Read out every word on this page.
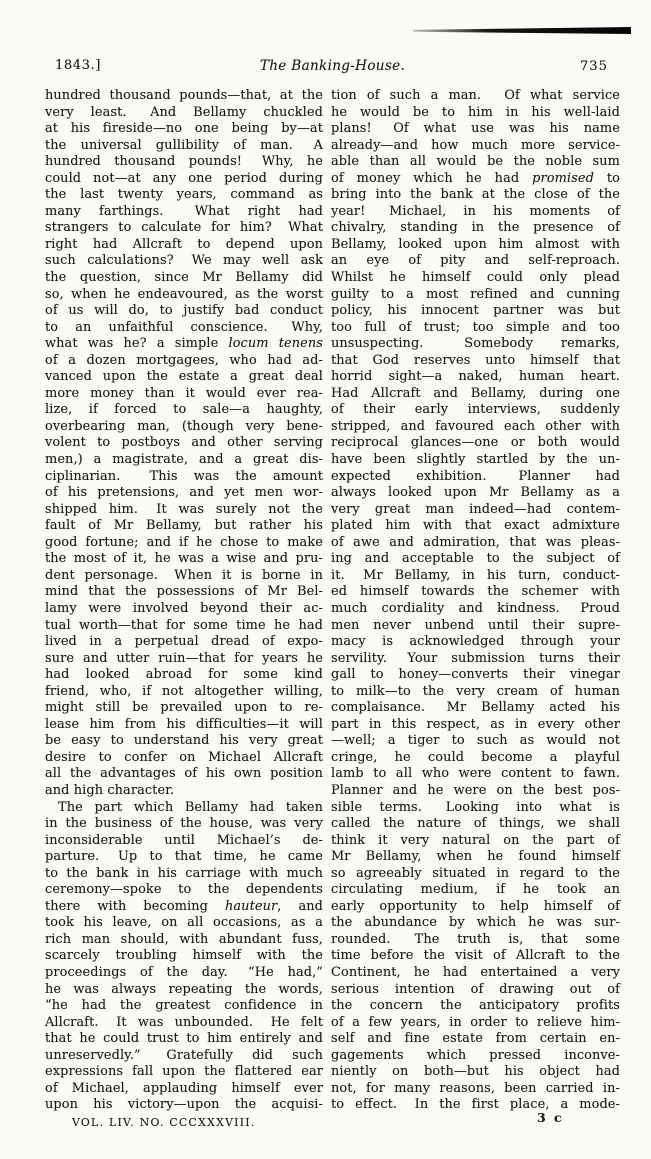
1843.]	The Banking-House.	735
hundred thousand pounds—that, at the
very least.  And Bellamy chuckled
at his fireside—no one being by—at
the universal gullibility of man.  A
hundred thousand pounds!  Why, he
could not—at any one period during
the last twenty years, command as
many farthings.   What right had
strangers to calculate for him?  What
right had Allcraft to depend upon
such calculations?  We may well ask
the question, since Mr Bellamy did
so, when he endeavoured, as the worst
of us will do, to justify bad conduct
to an unfaithful conscience.  Why,
what was he? a simple locum tenens
of a dozen mortgagees, who had ad-
vanced upon the estate a great deal
more money than it would ever rea-
lize, if forced to sale—a haughty,
overbearing man, (though very bene-
volent to postboys and other serving
men,) a magistrate, and a great dis-
ciplinarian.   This was the amount
of his pretensions, and yet men wor-
shipped him.  It was surely not the
fault of Mr Bellamy, but rather his
good fortune; and if he chose to make
the most of it, he was a wise and pru-
dent personage.  When it is borne in
mind that the possessions of Mr Bel-
lamy were involved beyond their ac-
tual worth—that for some time he had
lived in a perpetual dread of expo-
sure and utter ruin—that for years he
had looked abroad for some kind
friend, who, if not altogether willing,
might still be prevailed upon to re-
lease him from his difficulties—it will
be easy to understand his very great
desire to confer on Michael Allcraft
all the advantages of his own position
and high character.
The part which Bellamy had taken
in the business of the house, was very
inconsiderable until Michael’s de-
parture.  Up to that time, he came
to the bank in his carriage with much
ceremony—spoke to the dependents
there with becoming hauteur, and
took his leave, on all occasions, as a
rich man should, with abundant fuss,
scarcely troubling himself with the
proceedings of the day.  “He had,”
he was always repeating the words,
“he had the greatest confidence in
Allcraft.  It was unbounded.  He felt
that he could trust to him entirely and
unreservedly.”  Gratefully did such
expressions fall upon the flattered ear
of Michael, applauding himself ever
upon his victory—upon the acquisi-
tion of such a man.   Of what service
he would be to him in his well-laid
plans!  Of what use was his name
already—and how much more service-
able than all would be the noble sum
of money which he had promised to
bring into the bank at the close of the
year!  Michael, in his moments of
chivalry, standing in the presence of
Bellamy, looked upon him almost with
an eye of pity and self-reproach.
Whilst he himself could only plead
guilty to a most refined and cunning
policy, his innocent partner was but
too full of trust; too simple and too
unsuspecting.   Somebody remarks,
that God reserves unto himself that
horrid sight—a naked, human heart.
Had Allcraft and Bellamy, during one
of their early interviews, suddenly
stripped, and favoured each other with
reciprocal glances—one or both would
have been slightly startled by the un-
expected exhibition.  Planner had
always looked upon Mr Bellamy as a
very great man indeed—had contem-
plated him with that exact admixture
of awe and admiration, that was pleas-
ing and acceptable to the subject of
it.  Mr Bellamy, in his turn, conduct-
ed himself towards the schemer with
much cordiality and kindness.  Proud
men never unbend until their supre-
macy is acknowledged through your
servility.  Your submission turns their
gall to honey—converts their vinegar
to milk—to the very cream of human
complaisance.  Mr Bellamy acted his
part in this respect, as in every other
—well; a tiger to such as would not
cringe, he could become a playful
lamb to all who were content to fawn.
Planner and he were on the best pos-
sible terms.  Looking into what is
called the nature of things, we shall
think it very natural on the part of
Mr Bellamy, when he found himself
so agreeably situated in regard to the
circulating medium, if he took an
early opportunity to help himself of
the abundance by which he was sur-
rounded.  The truth is, that some
time before the visit of Allcraft to the
Continent, he had entertained a very
serious intention of drawing out of
the concern the anticipatory profits
of a few years, in order to relieve him-
self and fine estate from certain en-
gagements which pressed inconve-
niently on both—but his object had
not, for many reasons, been carried in-
to effect.  In the first place, a mode-
VOL. LIV. NO. CCCXXXVIII.	3 c
